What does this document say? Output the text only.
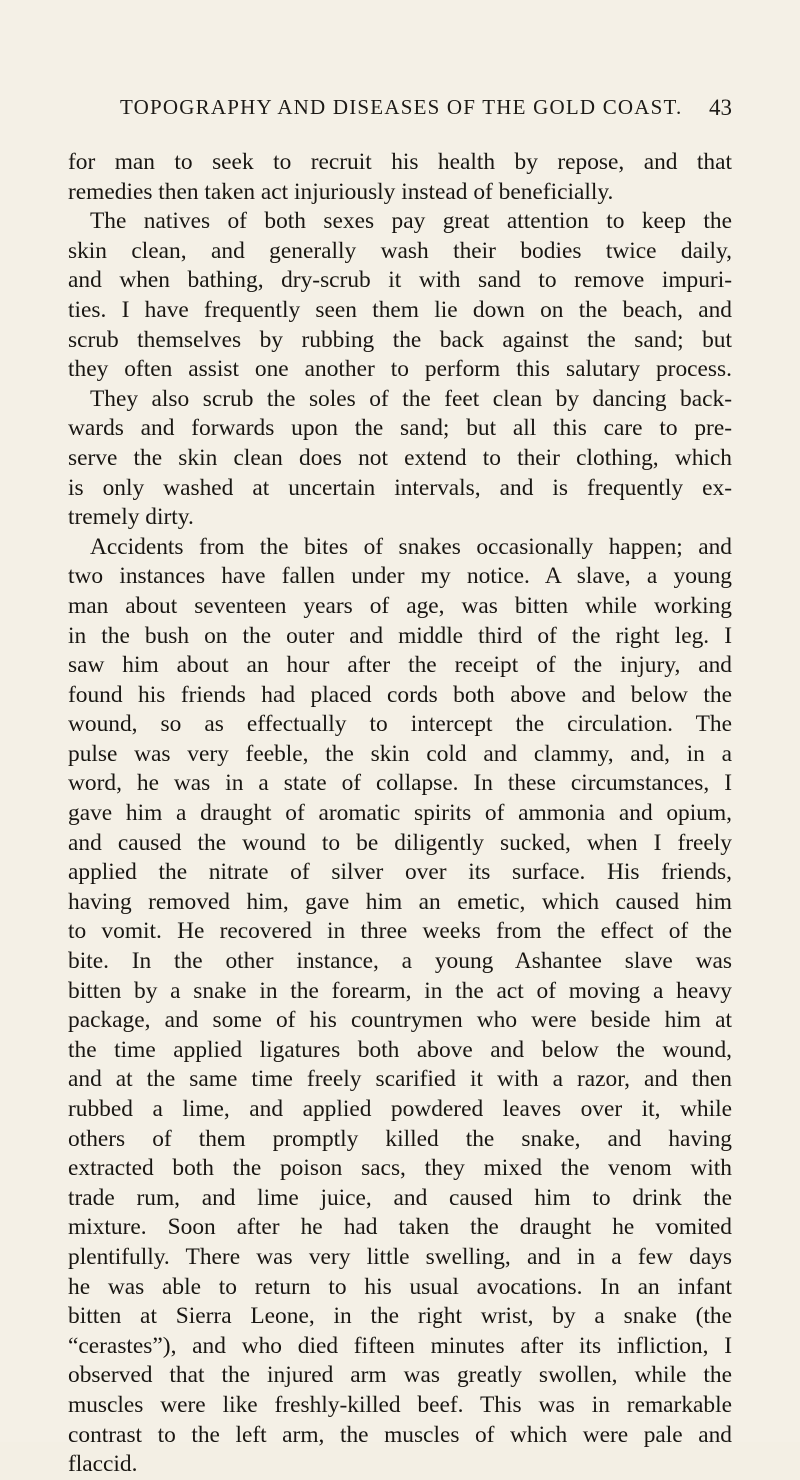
TOPOGRAPHY AND DISEASES OF THE GOLD COAST. 43
for man to seek to recruit his health by repose, and that
remedies then taken act injuriously instead of beneficially.
The natives of both sexes pay great attention to keep the
skin clean, and generally wash their bodies twice daily,
and when bathing, dry-scrub it with sand to remove impuri-
ties. I have frequently seen them lie down on the beach, and
scrub themselves by rubbing the back against the sand; but
they often assist one another to perform this salutary process.
They also scrub the soles of the feet clean by dancing back-
wards and forwards upon the sand; but all this care to pre-
serve the skin clean does not extend to their clothing, which
is only washed at uncertain intervals, and is frequently ex-
tremely dirty.
Accidents from the bites of snakes occasionally happen; and
two instances have fallen under my notice. A slave, a young
man about seventeen years of age, was bitten while working
in the bush on the outer and middle third of the right leg. I
saw him about an hour after the receipt of the injury, and
found his friends had placed cords both above and below the
wound, so as effectually to intercept the circulation. The
pulse was very feeble, the skin cold and clammy, and, in a
word, he was in a state of collapse. In these circumstances, I
gave him a draught of aromatic spirits of ammonia and opium,
and caused the wound to be diligently sucked, when I freely
applied the nitrate of silver over its surface. His friends,
having removed him, gave him an emetic, which caused him
to vomit. He recovered in three weeks from the effect of the
bite. In the other instance, a young Ashantee slave was
bitten by a snake in the forearm, in the act of moving a heavy
package, and some of his countrymen who were beside him at
the time applied ligatures both above and below the wound,
and at the same time freely scarified it with a razor, and then
rubbed a lime, and applied powdered leaves over it, while
others of them promptly killed the snake, and having
extracted both the poison sacs, they mixed the venom with
trade rum, and lime juice, and caused him to drink the
mixture. Soon after he had taken the draught he vomited
plentifully. There was very little swelling, and in a few days
he was able to return to his usual avocations. In an infant
bitten at Sierra Leone, in the right wrist, by a snake (the
“cerastes”), and who died fifteen minutes after its infliction, I
observed that the injured arm was greatly swollen, while the
muscles were like freshly-killed beef. This was in remarkable
contrast to the left arm, the muscles of which were pale and
flaccid.
